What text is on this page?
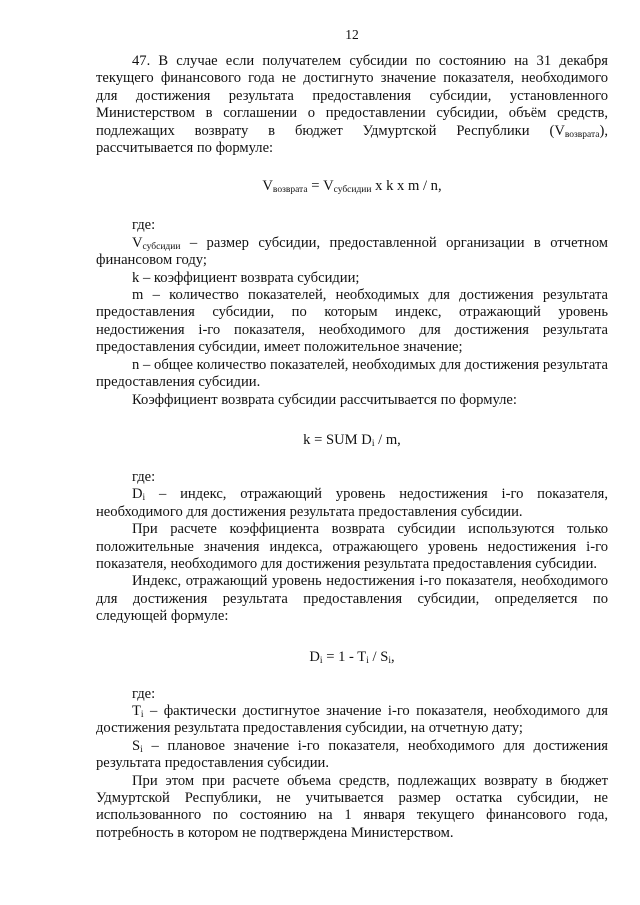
12

47. В случае если получателем субсидии по состоянию на 31 декабря текущего финансового года не достигнуто значение показателя, необходимого для достижения результата предоставления субсидии, установленного Министерством в соглашении о предоставлении субсидии, объём средств, подлежащих возврату в бюджет Удмуртской Республики $(V_{возврата})$, рассчитывается по формуле:

$V_{возврата} = V_{субсидии}$ x k x m / n,

где:

$V_{субсидии}$ – размер субсидии, предоставленной организации в отчетном финансовом году;

k – коэффициент возврата субсидии;

m – количество показателей, необходимых для достижения результата предоставления субсидии, по которым индекс, отражающий уровень недостижения i-го показателя, необходимого для достижения результата предоставления субсидии, имеет положительное значение;

n – общее количество показателей, необходимых для достижения результата предоставления субсидии.

Коэффициент возврата субсидии рассчитывается по формуле:

k = SUM $D_i$ / m,

где:

$D_i$ – индекс, отражающий уровень недостижения i-го показателя, необходимого для достижения результата предоставления субсидии.

При расчете коэффициента возврата субсидии используются только положительные значения индекса, отражающего уровень недостижения i-го показателя, необходимого для достижения результата предоставления субсидии.

Индекс, отражающий уровень недостижения i-го показателя, необходимого для достижения результата предоставления субсидии, определяется по следующей формуле:

$D_i = 1 - T_i / S_i$,

где:

$T_i$ – фактически достигнутое значение i-го показателя, необходимого для достижения результата предоставления субсидии, на отчетную дату;

$S_i$ – плановое значение i-го показателя, необходимого для достижения результата предоставления субсидии.

При этом при расчете объема средств, подлежащих возврату в бюджет Удмуртской Республики, не учитывается размер остатка субсидии, не использованного по состоянию на 1 января текущего финансового года, потребность в котором не подтверждена Министерством.
